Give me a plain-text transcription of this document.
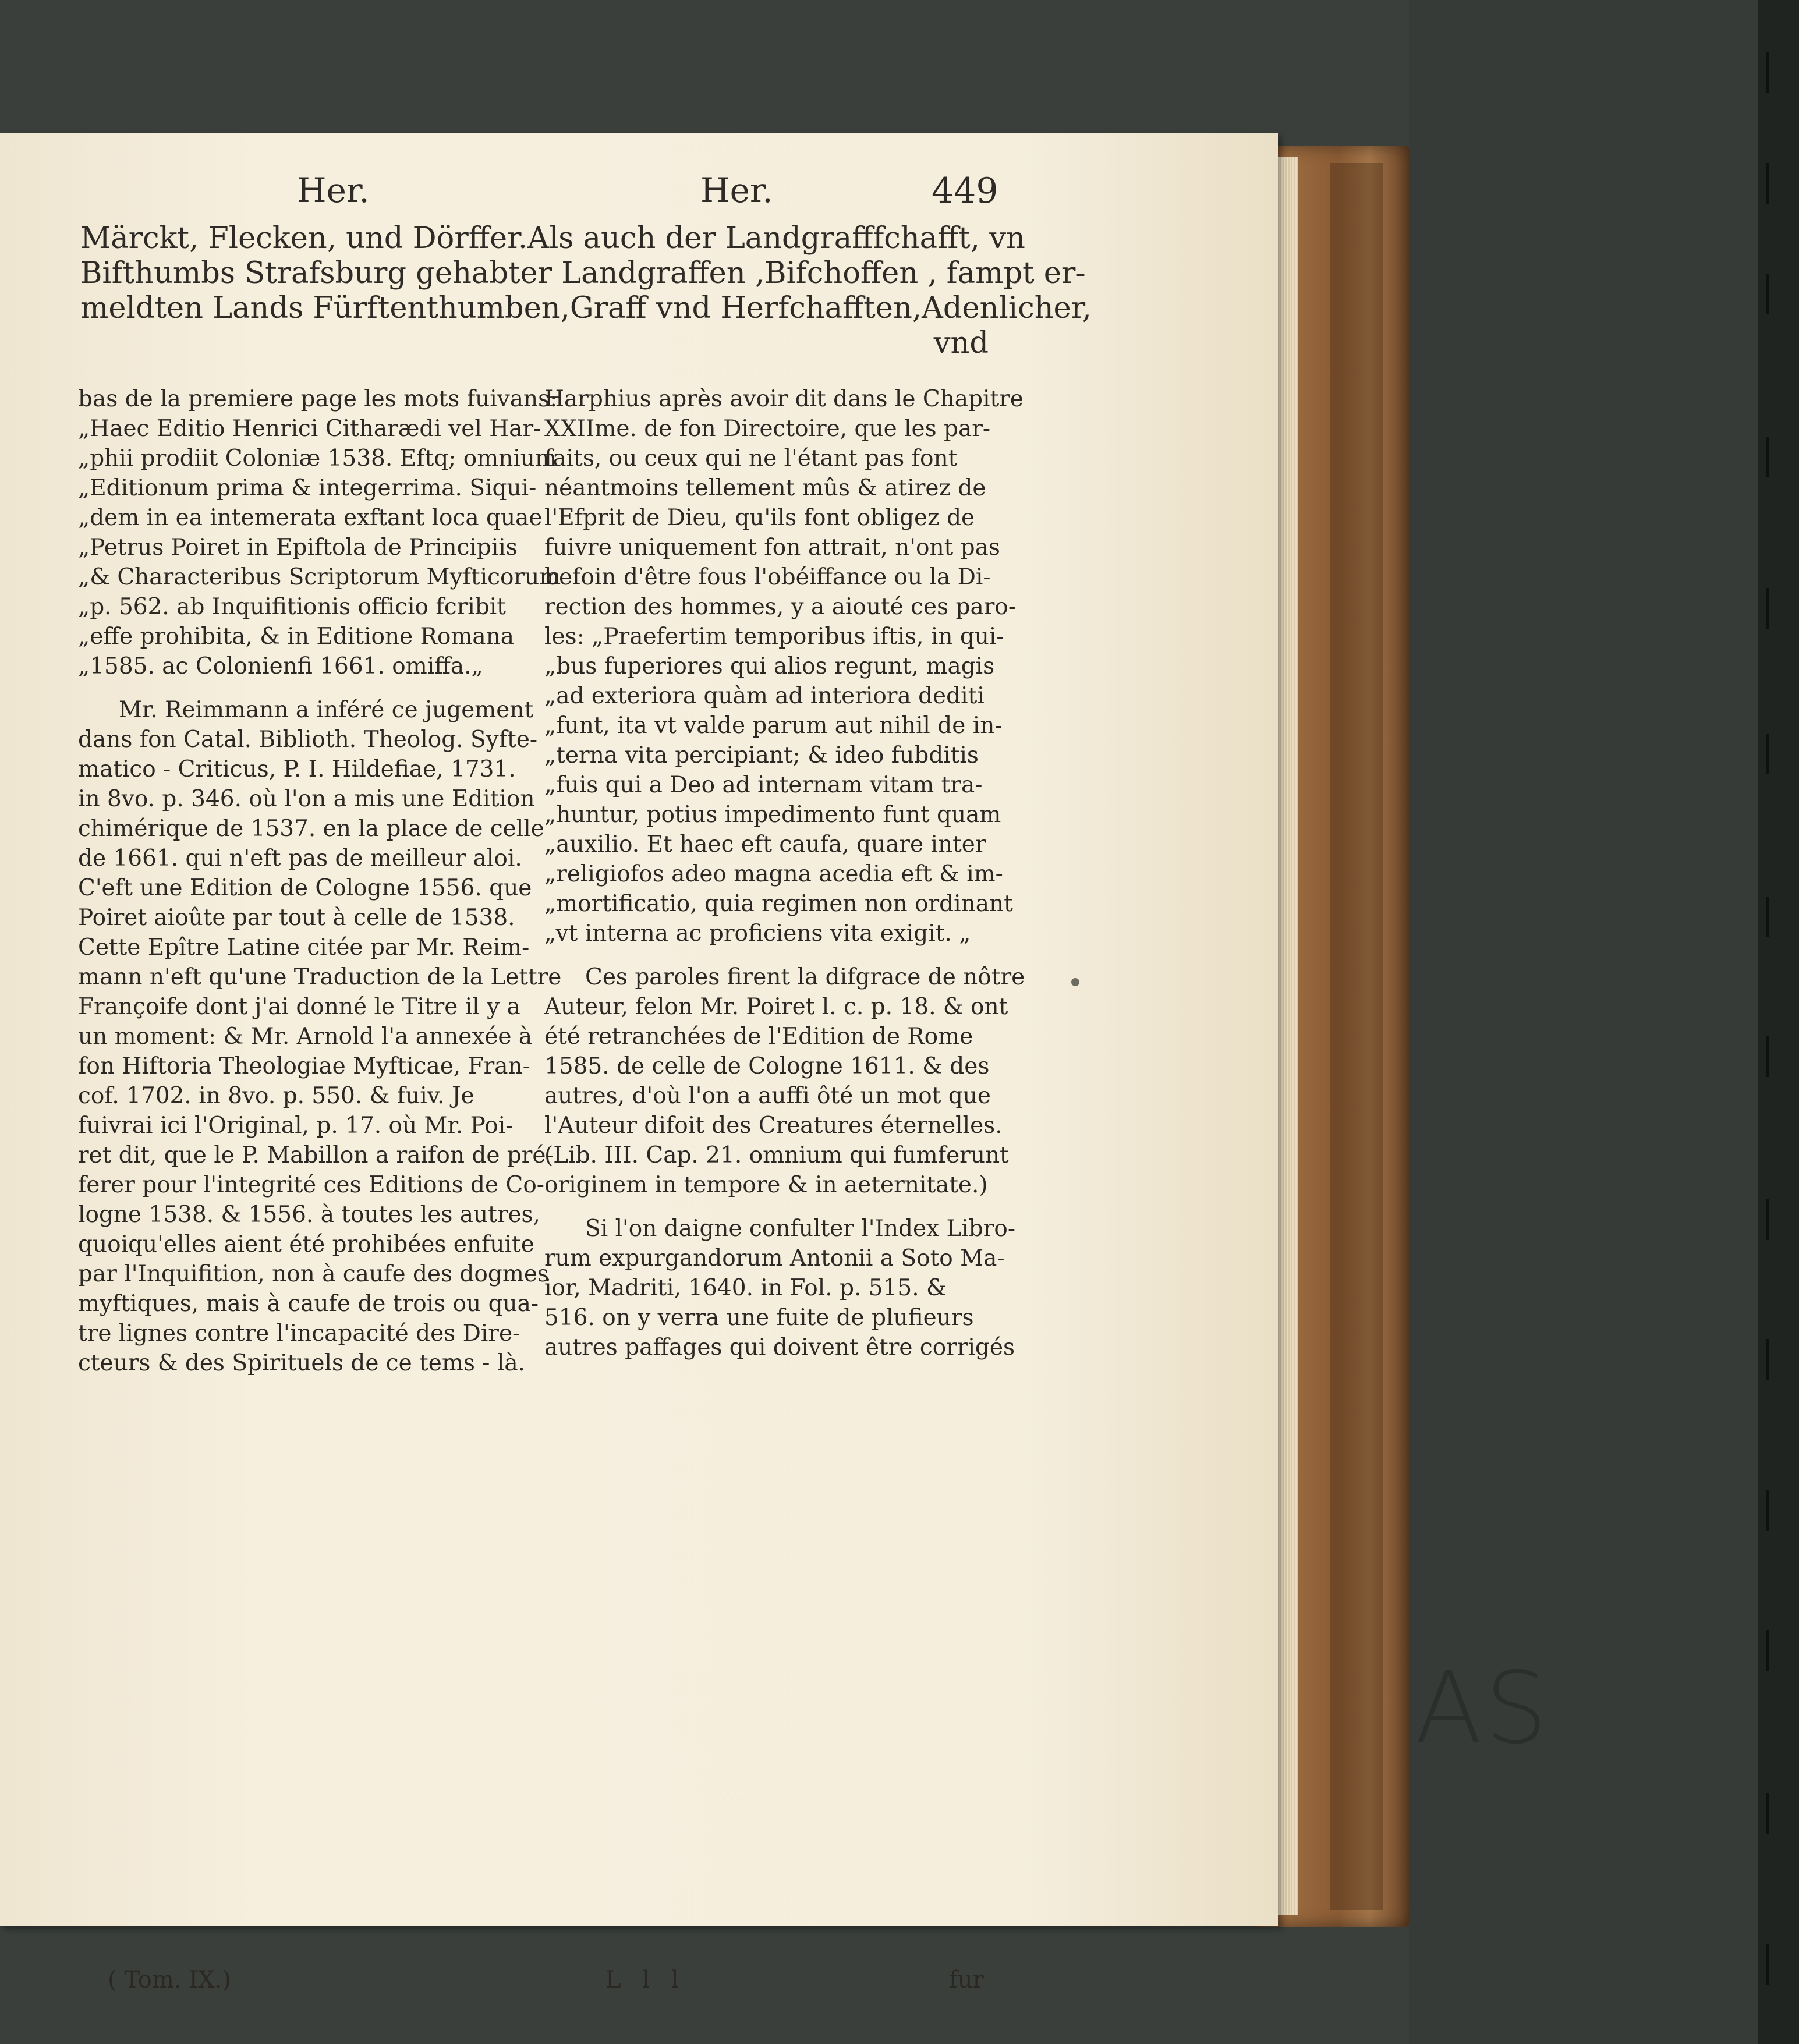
AS
Her.	Her.	449
Märckt, Flecken, und Dörffer. Als auch der Landgrafffchafft, vn
Bifthumbs Strafsburg gehabter Landgraffen , Bifchoffen , fampt er-
meldten Lands Fürftenthumben, Graff vnd Herfchafften, Adenlicher,
vnd
bas de la premiere page les mots fuivans:
„Haec Editio Henrici Citharædi vel Har-
„phii prodiit Coloniæ 1538. Eftq; omnium
„Editionum prima & integerrima. Siqui-
„dem in ea intemerata exftant loca quae
„Petrus Poiret in Epiftola de Principiis
„& Characteribus Scriptorum Myfticorum
„p. 562. ab Inquifitionis officio fcribit
„effe prohibita, & in Editione Romana
„1585. ac Colonienfi 1661. omiffa.„
Mr. Reimmann a inféré ce jugement
dans fon Catal. Biblioth. Theolog. Syfte-
matico - Criticus, P. I. Hildefiae, 1731.
in 8vo. p. 346. où l'on a mis une Edition
chimérique de 1537. en la place de celle
de 1661. qui n'eft pas de meilleur aloi.
C'eft une Edition de Cologne 1556. que
Poiret aioûte par tout à celle de 1538.
Cette Epître Latine citée par Mr. Reim-
mann n'eft qu'une Traduction de la Lettre
Françoife dont j'ai donné le Titre il y a
un moment: & Mr. Arnold l'a annexée à
fon Hiftoria Theologiae Myfticae, Fran-
cof. 1702. in 8vo. p. 550. & fuiv. Je
fuivrai ici l'Original, p. 17. où Mr. Poi-
ret dit, que le P. Mabillon a raifon de pré-
ferer pour l'integrité ces Editions de Co-
logne 1538. & 1556. à toutes les autres,
quoiqu'elles aient été prohibées enfuite
par l'Inquifition, non à caufe des dogmes
myftiques, mais à caufe de trois ou qua-
tre lignes contre l'incapacité des Dire-
cteurs & des Spirituels de ce tems - là.
Harphius après avoir dit dans le Chapitre
XXIIme. de fon Directoire, que les par-
faits, ou ceux qui ne l'étant pas font
néantmoins tellement mûs & atirez de
l'Efprit de Dieu, qu'ils font obligez de
fuivre uniquement fon attrait, n'ont pas
befoin d'être fous l'obéiffance ou la Di-
rection des hommes, y a aiouté ces paro-
les: „Praefertim temporibus iftis, in qui-
„bus fuperiores qui alios regunt, magis
„ad exteriora quàm ad interiora dediti
„funt, ita vt valde parum aut nihil de in-
„terna vita percipiant; & ideo fubditis
„fuis qui a Deo ad internam vitam tra-
„huntur, potius impedimento funt quam
„auxilio. Et haec eft caufa, quare inter
„religiofos adeo magna acedia eft & im-
„mortificatio, quia regimen non ordinant
„vt interna ac proficiens vita exigit. „
Ces paroles firent la difgrace de nôtre
Auteur, felon Mr. Poiret l. c. p. 18. & ont
été retranchées de l'Edition de Rome
1585. de celle de Cologne 1611. & des
autres, d'où l'on a auffi ôté un mot que
l'Auteur difoit des Creatures éternelles.
(Lib. III. Cap. 21. omnium qui fumferunt
originem in tempore & in aeternitate.)
Si l'on daigne confulter l'Index Libro-
rum expurgandorum Antonii a Soto Ma-
ior, Madriti, 1640. in Fol. p. 515. &
516. on y verra une fuite de plufieurs
autres paffages qui doivent être corrigés
( Tom. IX.)	L l l	fur
